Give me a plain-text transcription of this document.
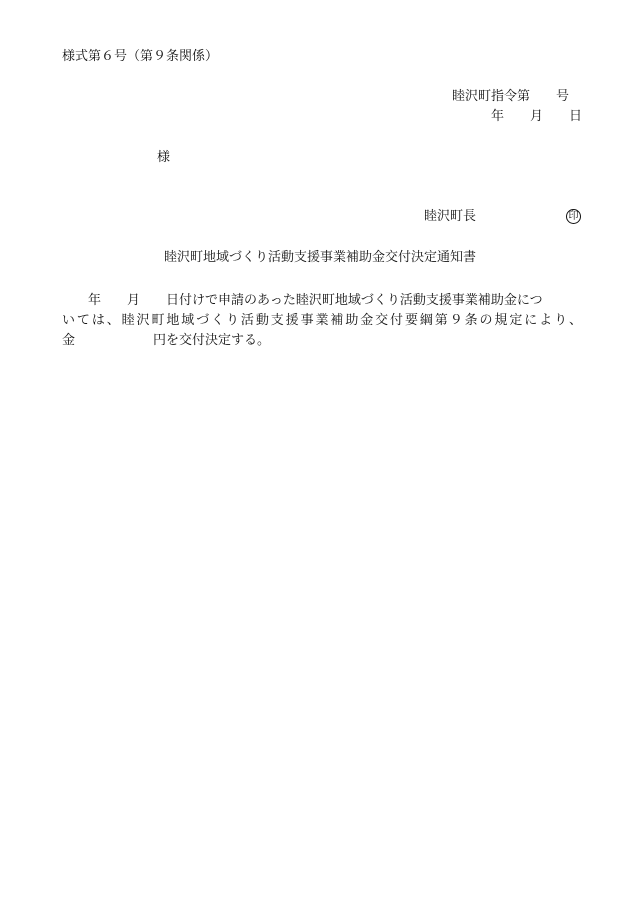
様式第６号（第９条関係）
睦沢町指令第　　号
年　　月　　日
様
睦沢町長	印
睦沢町地域づくり活動支援事業補助金交付決定通知書
　　年　　月　　日付けで申請のあった睦沢町地域づくり活動支援事業補助金につ
いては、睦沢町地域づくり活動支援事業補助金交付要綱第９条の規定により、
金　　　　　　円を交付決定する。
